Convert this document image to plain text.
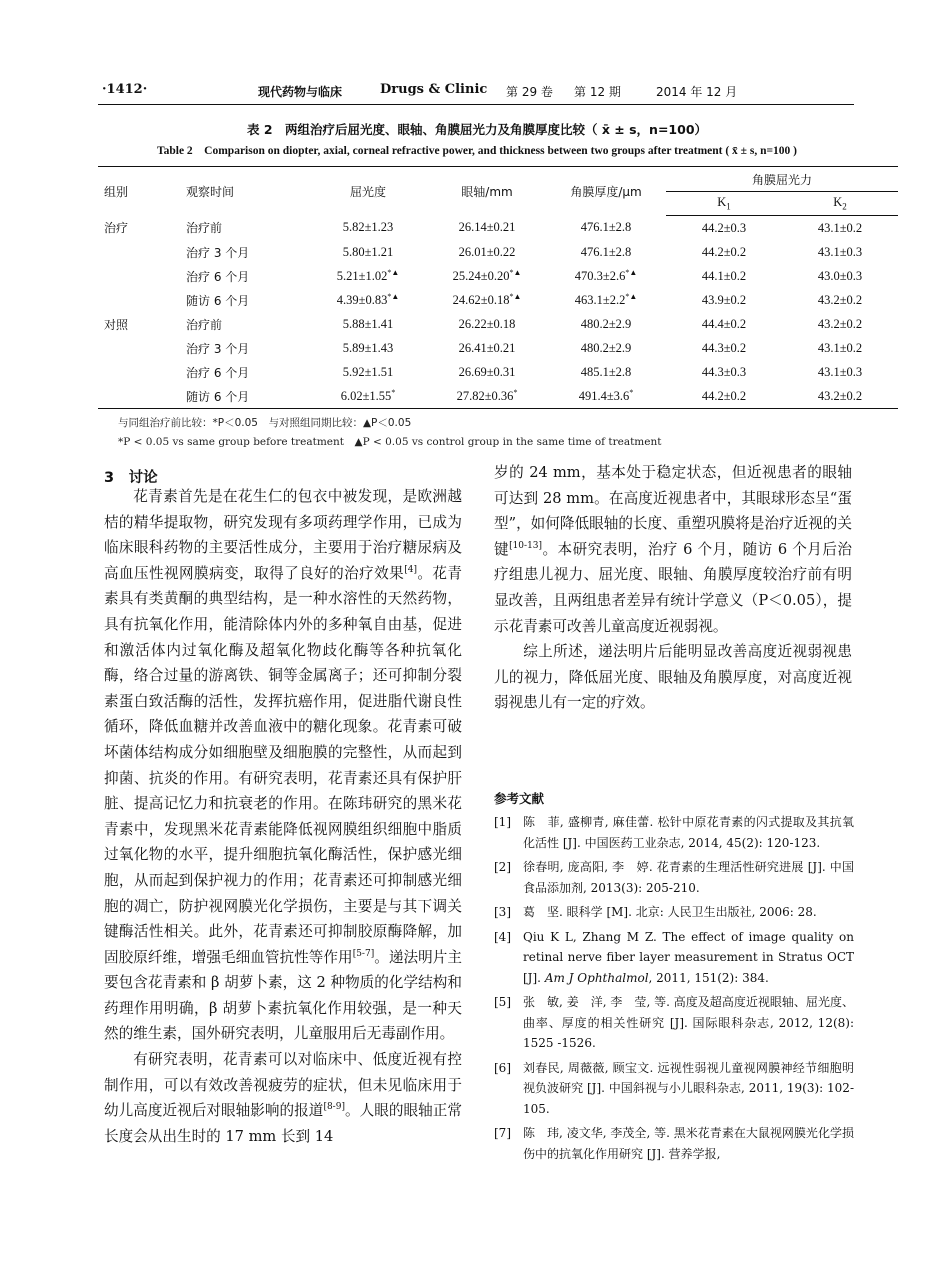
·1412·	现代药物与临床	Drugs & Clinic 第 29 卷 第 12 期	2014 年 12 月
表 2　两组治疗后屈光度、眼轴、角膜屈光力及角膜厚度比较（ x̄ ± s，n=100）
Table 2　Comparison on diopter, axial, corneal refractive power, and thickness between two groups after treatment ( x̄ ± s, n=100 )
组别	观察时间	屈光度	眼轴/mm	角膜厚度/μm	角膜屈光力	
					$K_1$	$K_2$
治疗	治疗前	5.82±1.23	26.14±0.21	476.1±2.8	44.2±0.3	43.1±0.2
	治疗 3 个月	5.80±1.21	26.01±0.22	476.1±2.8	44.2±0.2	43.1±0.3
	治疗 6 个月	5.21±1.02*▲	25.24±0.20*▲	470.3±2.6*▲	44.1±0.2	43.0±0.3
	随访 6 个月	4.39±0.83*▲	24.62±0.18*▲	463.1±2.2*▲	43.9±0.2	43.2±0.2
对照	治疗前	5.88±1.41	26.22±0.18	480.2±2.9	44.4±0.2	43.2±0.2
	治疗 3 个月	5.89±1.43	26.41±0.21	480.2±2.9	44.3±0.2	43.1±0.2
	治疗 6 个月	5.92±1.51	26.69±0.31	485.1±2.8	44.3±0.3	43.1±0.3
	随访 6 个月	6.02±1.55*	27.82±0.36*	491.4±3.6*	44.2±0.2	43.2±0.2
与同组治疗前比较：*P＜0.05　与对照组同期比较：▲P＜0.05
*P < 0.05 vs same group before treatment　▲P < 0.05 vs control group in the same time of treatment
3　讨论

花青素首先是在花生仁的包衣中被发现，是欧洲越桔的精华提取物，研究发现有多项药理学作用，已成为临床眼科药物的主要活性成分，主要用于治疗糖尿病及高血压性视网膜病变，取得了良好的治疗效果[4]。花青素具有类黄酮的典型结构，是一种水溶性的天然药物，具有抗氧化作用，能清除体内外的多种氧自由基，促进和激活体内过氧化酶及超氧化物歧化酶等各种抗氧化酶，络合过量的游离铁、铜等金属离子；还可抑制分裂素蛋白致活酶的活性，发挥抗癌作用，促进脂代谢良性循环，降低血糖并改善血液中的糖化现象。花青素可破坏菌体结构成分如细胞壁及细胞膜的完整性，从而起到抑菌、抗炎的作用。有研究表明，花青素还具有保护肝脏、提高记忆力和抗衰老的作用。在陈玮研究的黑米花青素中，发现黑米花青素能降低视网膜组织细胞中脂质过氧化物的水平，提升细胞抗氧化酶活性，保护感光细胞，从而起到保护视力的作用；花青素还可抑制感光细胞的凋亡，防护视网膜光化学损伤，主要是与其下调关键酶活性相关。此外，花青素还可抑制胶原酶降解，加固胶原纤维，增强毛细血管抗性等作用[5-7]。递法明片主要包含花青素和 β 胡萝卜素，这 2 种物质的化学结构和药理作用明确，β 胡萝卜素抗氧化作用较强，是一种天然的维生素，国外研究表明，儿童服用后无毒副作用。

有研究表明，花青素可以对临床中、低度近视有控制作用，可以有效改善视疲劳的症状，但未见临床用于幼儿高度近视后对眼轴影响的报道[8-9]。人眼的眼轴正常长度会从出生时的 17 mm 长到 14

岁的 24 mm，基本处于稳定状态，但近视患者的眼轴可达到 28 mm。在高度近视患者中，其眼球形态呈“蛋型”，如何降低眼轴的长度、重塑巩膜将是治疗近视的关键[10-13]。本研究表明，治疗 6 个月，随访 6 个月后治疗组患儿视力、屈光度、眼轴、角膜厚度较治疗前有明显改善，且两组患者差异有统计学意义（P＜0.05），提示花青素可改善儿童高度近视弱视。

综上所述，递法明片后能明显改善高度近视弱视患儿的视力，降低屈光度、眼轴及角膜厚度，对高度近视弱视患儿有一定的疗效。

参考文献
[1] 陈　菲, 盛柳青, 麻佳蕾. 松针中原花青素的闪式提取及其抗氧化活性 [J]. 中国医药工业杂志, 2014, 45(2): 120-123.
[2] 徐春明, 庞高阳, 李　婷. 花青素的生理活性研究进展 [J]. 中国食品添加剂, 2013(3): 205-210.
[3] 葛　坚. 眼科学 [M]. 北京: 人民卫生出版社, 2006: 28.
[4] Qiu K L, Zhang M Z. The effect of image quality on retinal nerve fiber layer measurement in Stratus OCT [J]. Am J Ophthalmol, 2011, 151(2): 384.
[5] 张　敏, 姜　洋, 李　莹, 等. 高度及超高度近视眼轴、屈光度、曲率、厚度的相关性研究 [J]. 国际眼科杂志, 2012, 12(8): 1525 -1526.
[6] 刘春民, 周薇薇, 顾宝文. 远视性弱视儿童视网膜神经节细胞明视负波研究 [J]. 中国斜视与小儿眼科杂志, 2011, 19(3): 102-105.
[7] 陈　玮, 凌文华, 李茂全, 等. 黑米花青素在大鼠视网膜光化学损伤中的抗氧化作用研究 [J]. 营养学报,
